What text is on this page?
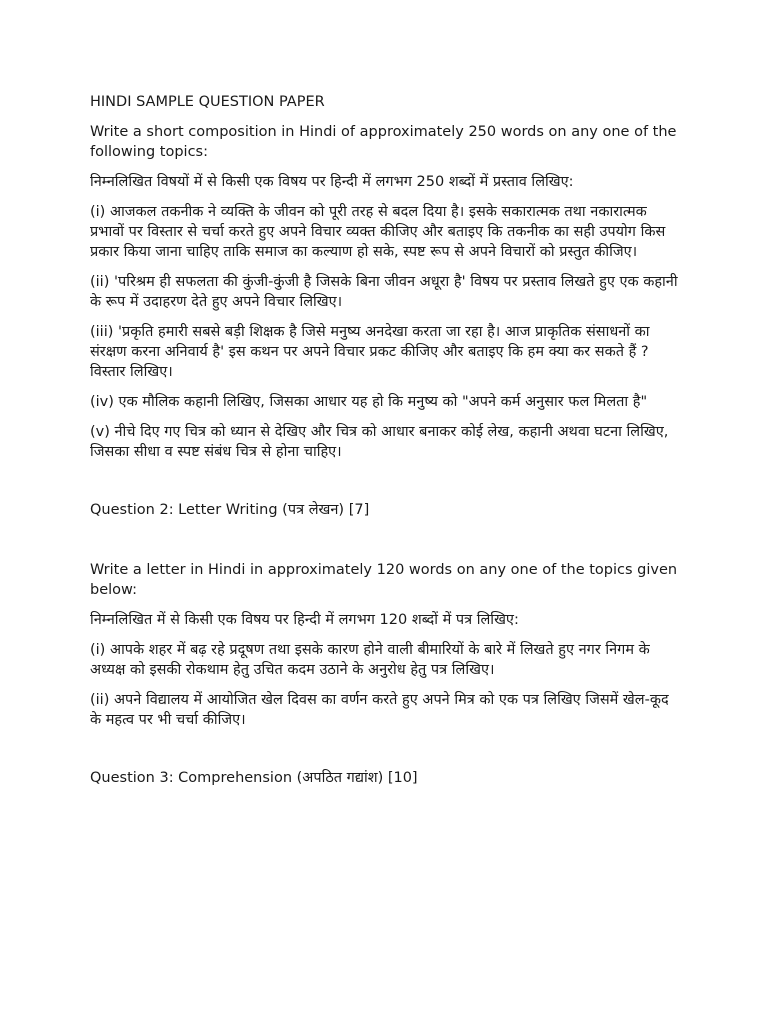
HINDI SAMPLE QUESTION PAPER

Write a short composition in Hindi of approximately 250 words on any one of the following topics:

निम्नलिखित विषयों में से किसी एक विषय पर हिन्दी में लगभग 250 शब्दों में प्रस्ताव लिखिए:

(i) आजकल तकनीक ने व्यक्ति के जीवन को पूरी तरह से बदल दिया है। इसके सकारात्मक तथा नकारात्मक प्रभावों पर विस्तार से चर्चा करते हुए अपने विचार व्यक्त कीजिए और बताइए कि तकनीक का सही उपयोग किस प्रकार किया जाना चाहिए ताकि समाज का कल्याण हो सके, स्पष्ट रूप से अपने विचारों को प्रस्तुत कीजिए।

(ii) 'परिश्रम ही सफलता की कुंजी-कुंजी है जिसके बिना जीवन अधूरा है' विषय पर प्रस्ताव लिखते हुए एक कहानी के रूप में उदाहरण देते हुए अपने विचार लिखिए।

(iii) 'प्रकृति हमारी सबसे बड़ी शिक्षक है जिसे मनुष्य अनदेखा करता जा रहा है। आज प्राकृतिक संसाधनों का संरक्षण करना अनिवार्य है' इस कथन पर अपने विचार प्रकट कीजिए और बताइए कि हम क्या कर सकते हैं ? विस्तार लिखिए।

(iv) एक मौलिक कहानी लिखिए, जिसका आधार यह हो कि मनुष्य को "अपने कर्म अनुसार फल मिलता है"

(v) नीचे दिए गए चित्र को ध्यान से देखिए और चित्र को आधार बनाकर कोई लेख, कहानी अथवा घटना लिखिए, जिसका सीधा व स्पष्ट संबंध चित्र से होना चाहिए।

Question 2: Letter Writing (पत्र लेखन) [7]

Write a letter in Hindi in approximately 120 words on any one of the topics given below:

निम्नलिखित में से किसी एक विषय पर हिन्दी में लगभग 120 शब्दों में पत्र लिखिए:

(i) आपके शहर में बढ़ रहे प्रदूषण तथा इसके कारण होने वाली बीमारियों के बारे में लिखते हुए नगर निगम के अध्यक्ष को इसकी रोकथाम हेतु उचित कदम उठाने के अनुरोध हेतु पत्र लिखिए।

(ii) अपने विद्यालय में आयोजित खेल दिवस का वर्णन करते हुए अपने मित्र को एक पत्र लिखिए जिसमें खेल-कूद के महत्व पर भी चर्चा कीजिए।

Question 3: Comprehension (अपठित गद्यांश) [10]
